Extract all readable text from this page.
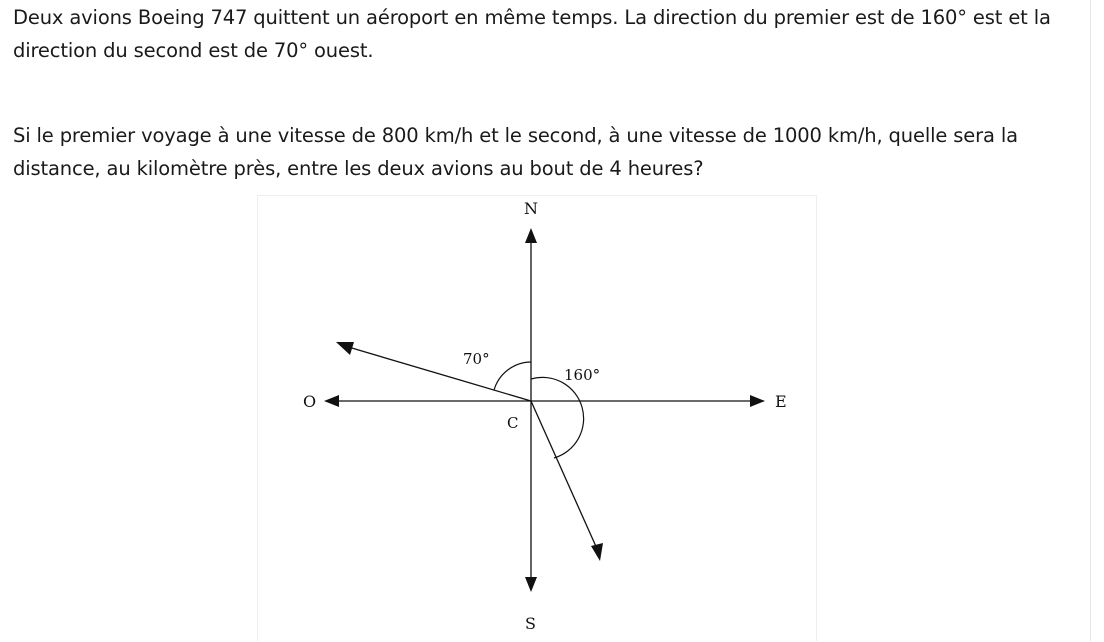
Deux avions Boeing 747 quittent un aéroport en même temps. La direction du premier est de 160° est et la direction du second est de 70° ouest.

Si le premier voyage à une vitesse de 800 km/h et le second, à une vitesse de 1000 km/h, quelle sera la distance, au kilomètre près, entre les deux avions au bout de 4 heures?

N
S
E
O
C
70°
160°
